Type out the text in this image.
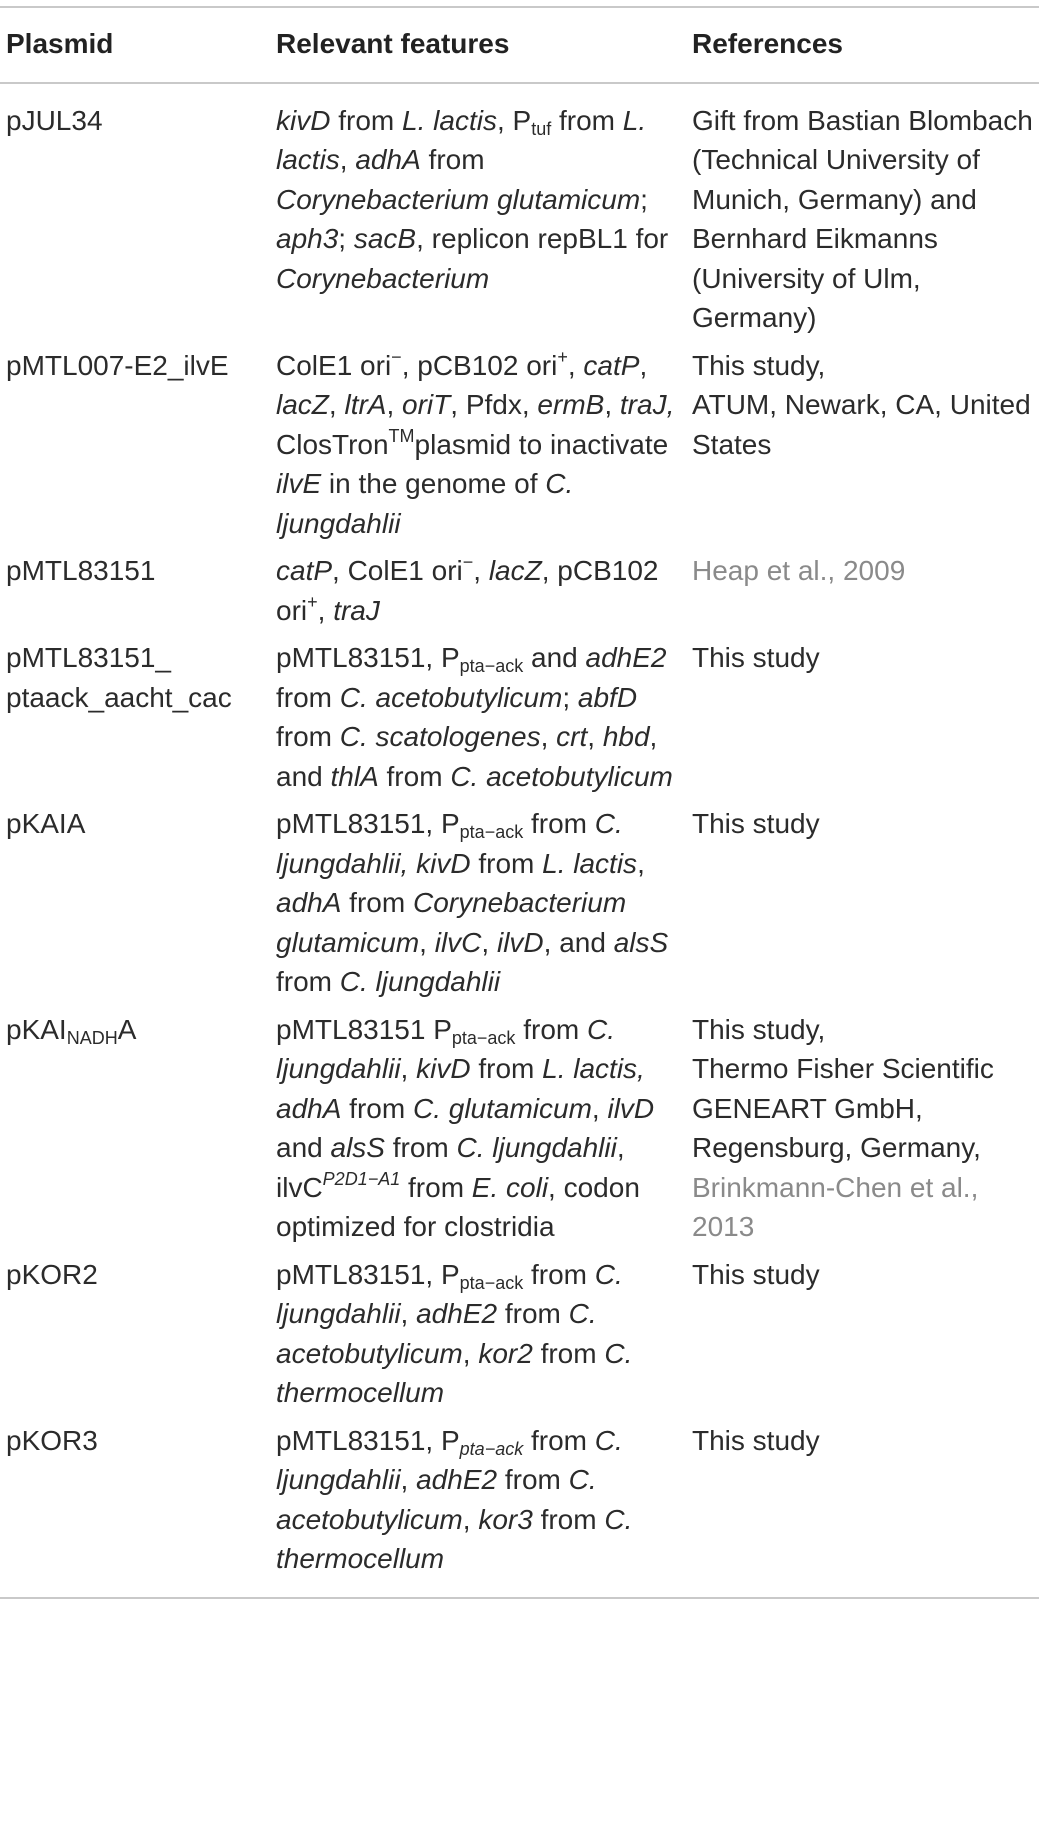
Plasmid	Relevant features	References
pJUL34	kivD from L. lactis, $P_{tuf}$ from L. lactis, adhA from Corynebacterium glutamicum; aph3; sacB, replicon repBL1 for Corynebacterium	Gift from Bastian Blombach (Technical University of Munich, Germany) and Bernhard Eikmanns (University of Ulm, Germany)
pMTL007-E2_ilvE	ColE1 ori−, pCB102 ori+, catP, lacZ, ltrA, oriT, Pfdx, ermB, traJ, ClosTron™plasmid to inactivate ilvE in the genome of C. ljungdahlii	This study,
ATUM, Newark, CA, United States
pMTL83151	catP, ColE1 ori−, lacZ, pCB102 ori+, traJ	Heap et al., 2009
pMTL83151_ ptaack_aacht_cac	pMTL83151, $P_{pta-ack}$ and adhE2 from C. acetobutylicum; abfD from C. scatologenes, crt, hbd, and thlA from C. acetobutylicum	This study
pKAIA	pMTL83151, $P_{pta-ack}$ from C. ljungdahlii, kivD from L. lactis, adhA from Corynebacterium glutamicum, ilvC, ilvD, and alsS from C. ljungdahlii	This study
pKAI$_{NADH}$A	pMTL83151 $P_{pta-ack}$ from C. ljungdahlii, kivD from L. lactis, adhA from C. glutamicum, ilvD and alsS from C. ljungdahlii, ilvC$^{P2D1-A1}$ from E. coli, codon optimized for clostridia	This study,
Thermo Fisher Scientific GENEART GmbH, Regensburg, Germany,
Brinkmann-Chen et al., 2013
pKOR2	pMTL83151, $P_{pta-ack}$ from C. ljungdahlii, adhE2 from C. acetobutylicum, kor2 from C. thermocellum	This study
pKOR3	pMTL83151, $P_{pta-ack}$ from C. ljungdahlii, adhE2 from C. acetobutylicum, kor3 from C. thermocellum	This study
